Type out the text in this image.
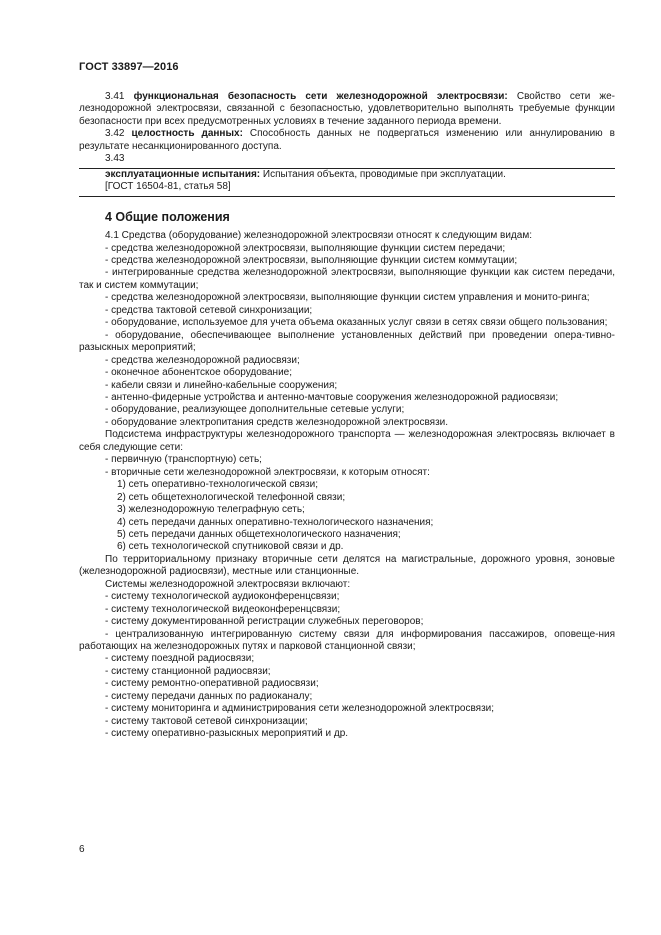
ГОСТ 33897—2016

3.41 функциональная безопасность сети железнодорожной электросвязи: Свойство сети же-лезнодорожной электросвязи, связанной с безопасностью, удовлетворительно выполнять требуемые функции безопасности при всех предусмотренных условиях в течение заданного периода времени.

3.42 целостность данных: Способность данных не подвергаться изменению или аннулированию в результате несанкционированного доступа.

3.43

эксплуатационные испытания: Испытания объекта, проводимые при эксплуатации.

[ГОСТ 16504-81, статья 58]

4 Общие положения

4.1 Средства (оборудование) железнодорожной электросвязи относят к следующим видам:

- средства железнодорожной электросвязи, выполняющие функции систем передачи;

- средства железнодорожной электросвязи, выполняющие функции систем коммутации;

- интегрированные средства железнодорожной электросвязи, выполняющие функции как систем передачи, так и систем коммутации;

- средства железнодорожной электросвязи, выполняющие функции систем управления и монито-ринга;

- средства тактовой сетевой синхронизации;

- оборудование, используемое для учета объема оказанных услуг связи в сетях связи общего пользования;

- оборудование, обеспечивающее выполнение установленных действий при проведении опера-тивно-разыскных мероприятий;

- средства железнодорожной радиосвязи;

- оконечное абонентское оборудование;

- кабели связи и линейно-кабельные сооружения;

- антенно-фидерные устройства и антенно-мачтовые сооружения железнодорожной радиосвязи;

- оборудование, реализующее дополнительные сетевые услуги;

- оборудование электропитания средств железнодорожной электросвязи.

Подсистема инфраструктуры железнодорожного транспорта — железнодорожная электросвязь включает в себя следующие сети:

- первичную (транспортную) сеть;

- вторичные сети железнодорожной электросвязи, к которым относят:

1) сеть оперативно-технологической связи;

2) сеть общетехнологической телефонной связи;

3) железнодорожную телеграфную сеть;

4) сеть передачи данных оперативно-технологического назначения;

5) сеть передачи данных общетехнологического назначения;

6) сеть технологической спутниковой связи и др.

По территориальному признаку вторичные сети делятся на магистральные, дорожного уровня, зоновые (железнодорожной радиосвязи), местные или станционные.

Системы железнодорожной электросвязи включают:

- систему технологической аудиоконференцсвязи;

- систему технологической видеоконференцсвязи;

- систему документированной регистрации служебных переговоров;

- централизованную интегрированную систему связи для информирования пассажиров, оповеще-ния работающих на железнодорожных путях и парковой станционной связи;

- систему поездной радиосвязи;

- систему станционной радиосвязи;

- систему ремонтно-оперативной радиосвязи;

- систему передачи данных по радиоканалу;

- систему мониторинга и администрирования сети железнодорожной электросвязи;

- систему тактовой сетевой синхронизации;

- систему оперативно-разыскных мероприятий и др.

6
